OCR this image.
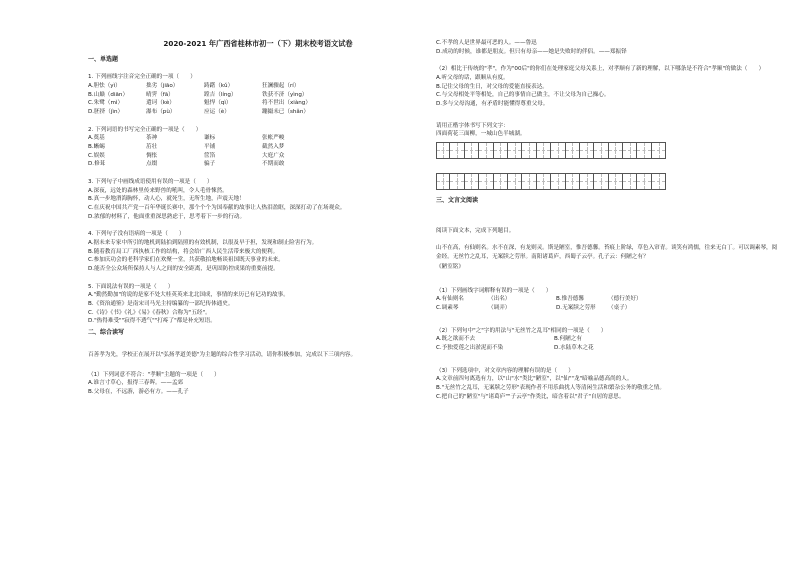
2020-2021 年广西省桂林市初一（下）期末校考语文试卷
一、单选题
1. 下列画线字注音完全正确的一项（　　）
A.胆怯（yì）	拙劣（jiāo）	踌躇（kǔ）	狂澜骤起（rí）
B.山巅（diān）	晴霁（fā）	蹚吉（líng）	铁获不济（yìng）
C.朱鹭（mì）	遣诃（kè）	魁悍（qì）	将不世出（xiàng）
D.胚挤（jìn）	瀑布（pù）	应运（è）	蹦撮未已（shǎn）
2. 下列词语的书写完全正确的一项是（　　）
A.奠基	茶神	谦标	张帐严峻
B.蜥蜴	茁壮	平铺	截然入梦
C.娱娱	惆怅	筐箔	大庭广众
D.修葺	点缀	骗子	不期而敢
3. 下列句子中画线成语使用有误的一项是（　　）
A.深夜，远处的森林里传来野兽的吼叫，令人毛骨悚然。
B.真一步地渭海胸怀，动人心，就死生，无所生地，声震天地！
C.在庆祝中国共产党一百年华诞长赛中，那个个个为国奉献的故事让人热泪盈眶，深深打动了在场观众。
D.浓郁的材料了，他面重重深思熟虑于，思考着下一步的行动。
4. 下列句子没有语病的一项是（　　）
A.据未来专家中所引的地机到陆拍到陆照的有效机制，以很及早于担，发现和制止险害行为。
B.随着教育局工厂西执核工作的结构，将会给广西人民生活带来极大的便利。
C.参加庆功会的老科学家们在欢聚一堂，共获敬拍地畅谈祖国既天事业的未来。
D.能否全公众场所保持人与人之间的安全距离，是巩固防控成果的重要前提。
5. 下面说法有误的一项是（　　）
A."勤然勤加"的说的是家不处大桂英英来北北国成，事情的来历已有记功的故事。
B.《资治通鉴》是南宋司马光主持编纂的一部纪传体通史。
C.《诗》《书》《礼》《易》《春秋》合称为"五经"。
D."热得难受""寂得不透气""打疼了"都是补充短语。
二、综合读写
百善孝为先，学校正在展开以"弘扬孝道美德"为主题的综合性学习活动，请你积极参加，完成以下三项内容。
（1）下列词意不符合："孝顺"主题的一项是（　　）
A.谁言寸草心，报得三春晖。——孟郊
B.父母在，不远游，游必有方。——孔子
C.不孝的人是世界最可恶的人。——鲁迅
D.成功的时候，谁都是朋友。但只有母亲——她是失败时的伴侣。——郑振铎
（2）相比于传统的"孝"，作为"00后"的你们在处理家庭父母关系上，对孝顺有了新的理解，以下哪条是不符合"孝顺"的做法（　　）
A.听父母的话，跟顺从有度。
B.记住父母的生日，对父母的爱能直接表达。
C.与父母相处平等相处，自己的事情自己做主，不让父母为自己操心。
D.多与父母沟通，有矛盾时能懂得尊重父母。
请用正楷字体书写下列文字：
四面荷花三面柳，一城山色半城湖。
三、文言文阅读
阅读下面文本，完成下列题目。
山不在高，有仙则名。水不在深，有龙则灵。斯是陋室，惟吾德馨。苔痕上阶绿，草色入帘青。谈笑有鸿儒，往来无白丁。可以调素琴，阅金经。无丝竹之乱耳，无案牍之劳形。南阳诸葛庐，西蜀子云亭。孔子云：何陋之有？
《陋室铭》
（1）下列画线字词解释有误的一项是（　　）
A.有仙则名	（出名）	B.惟吾德馨	（德行美好）
C.调素琴	（调弄）	D.无案牍之劳形	（桌子）
（2）下列句中"之"字的用法与"无丝竹之乱耳"相同的一项是（　　）
A.既之欲而不去	B.何陋之有
C.予独爱莲之出淤泥而不染	D.水陆草木之花
（3）下列选项中，对文章内容的理解有误的是（　　）
A.文章前四句离选有力，以"山"水"类比"陋室"，以"仙""龙"暗喻品德高尚的人。
B."无丝竹之乱耳，无案牍之劳形"表现作者不用乐曲扰人等清闲生活和繁杂公务的敬重之情。
C.把自己的"陋室"与"诸葛庐""子云亭"作类比，暗含着以"君子"自居的意思。
